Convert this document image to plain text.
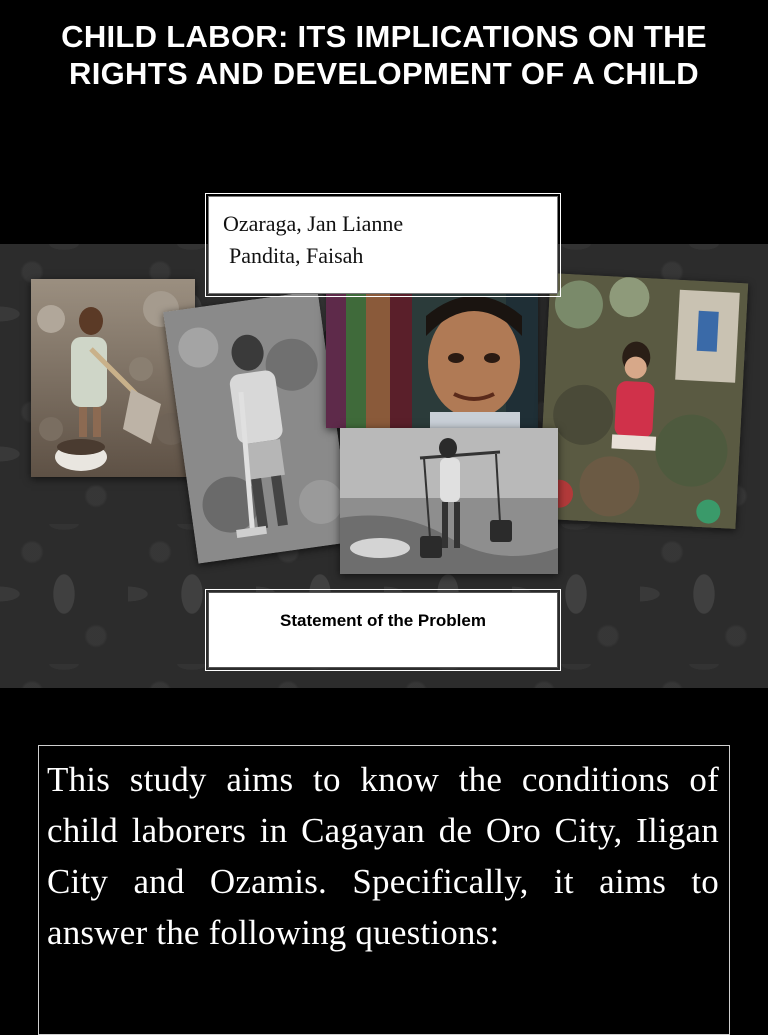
CHILD LABOR: ITS IMPLICATIONS ON THE RIGHTS AND DEVELOPMENT OF A CHILD
Ozaraga, Jan Lianne
Pandita, Faisah
Statement of the Problem

This study aims to know the conditions of child laborers in Cagayan de Oro City, Iligan City and Ozamis. Specifically, it aims to answer the following questions:
